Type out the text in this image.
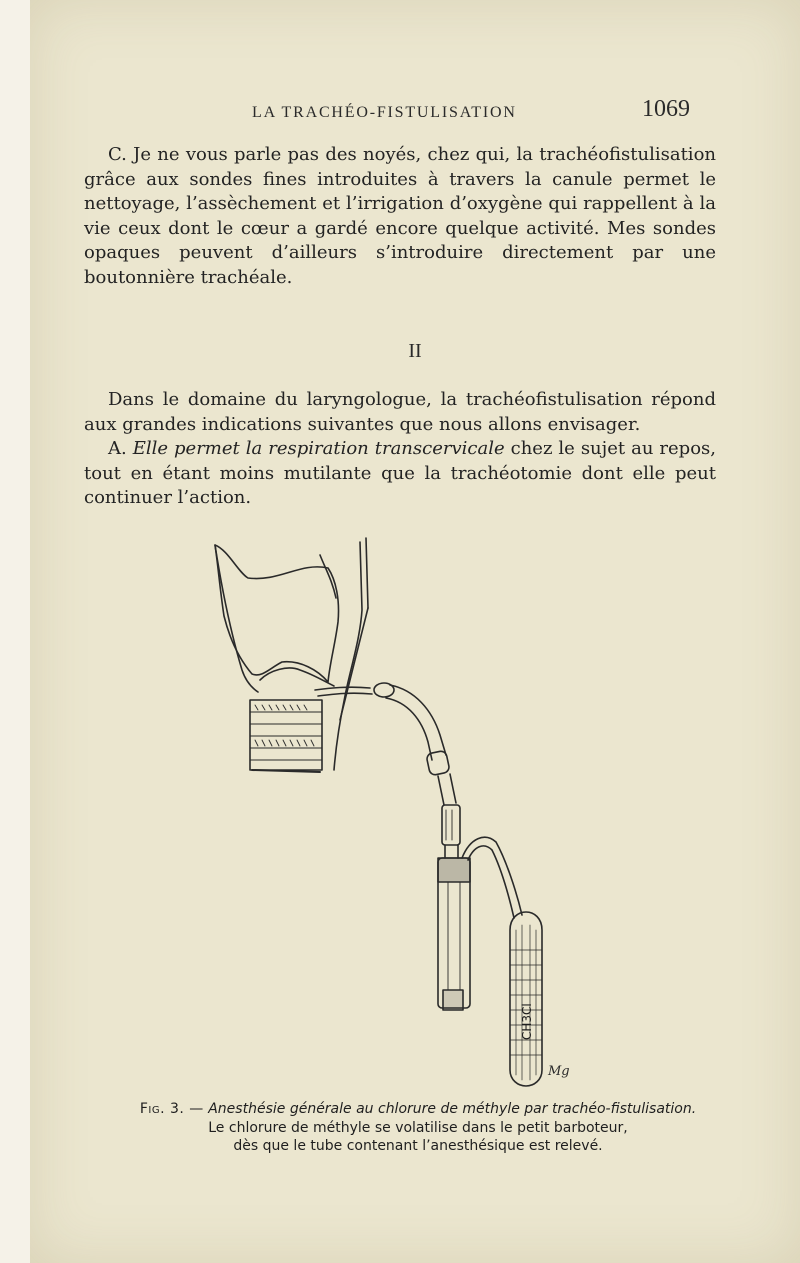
LA TRACHÉO-FISTULISATION	1069

C. Je ne vous parle pas des noyés, chez qui, la trachéofistulisation grâce aux sondes fines introduites à travers la canule permet le nettoyage, l’assèchement et l’irrigation d’oxygène qui rappellent à la vie ceux dont le cœur a gardé encore quelque activité. Mes sondes opaques peuvent d’ailleurs s’introduire directement par une boutonnière trachéale.

II

Dans le domaine du laryngologue, la trachéofistulisation répond aux grandes indications suivantes que nous allons envisager.

A. Elle permet la respiration transcervicale chez le sujet au repos, tout en étant moins mutilante que la trachéotomie dont elle peut continuer l’action.

CH3Cl
Mg
Fig. 3. — Anesthésie générale au chlorure de méthyle par trachéo-fistulisation.
Le chlorure de méthyle se volatilise dans le petit barboteur,
dès que le tube contenant l’anesthésique est relevé.
